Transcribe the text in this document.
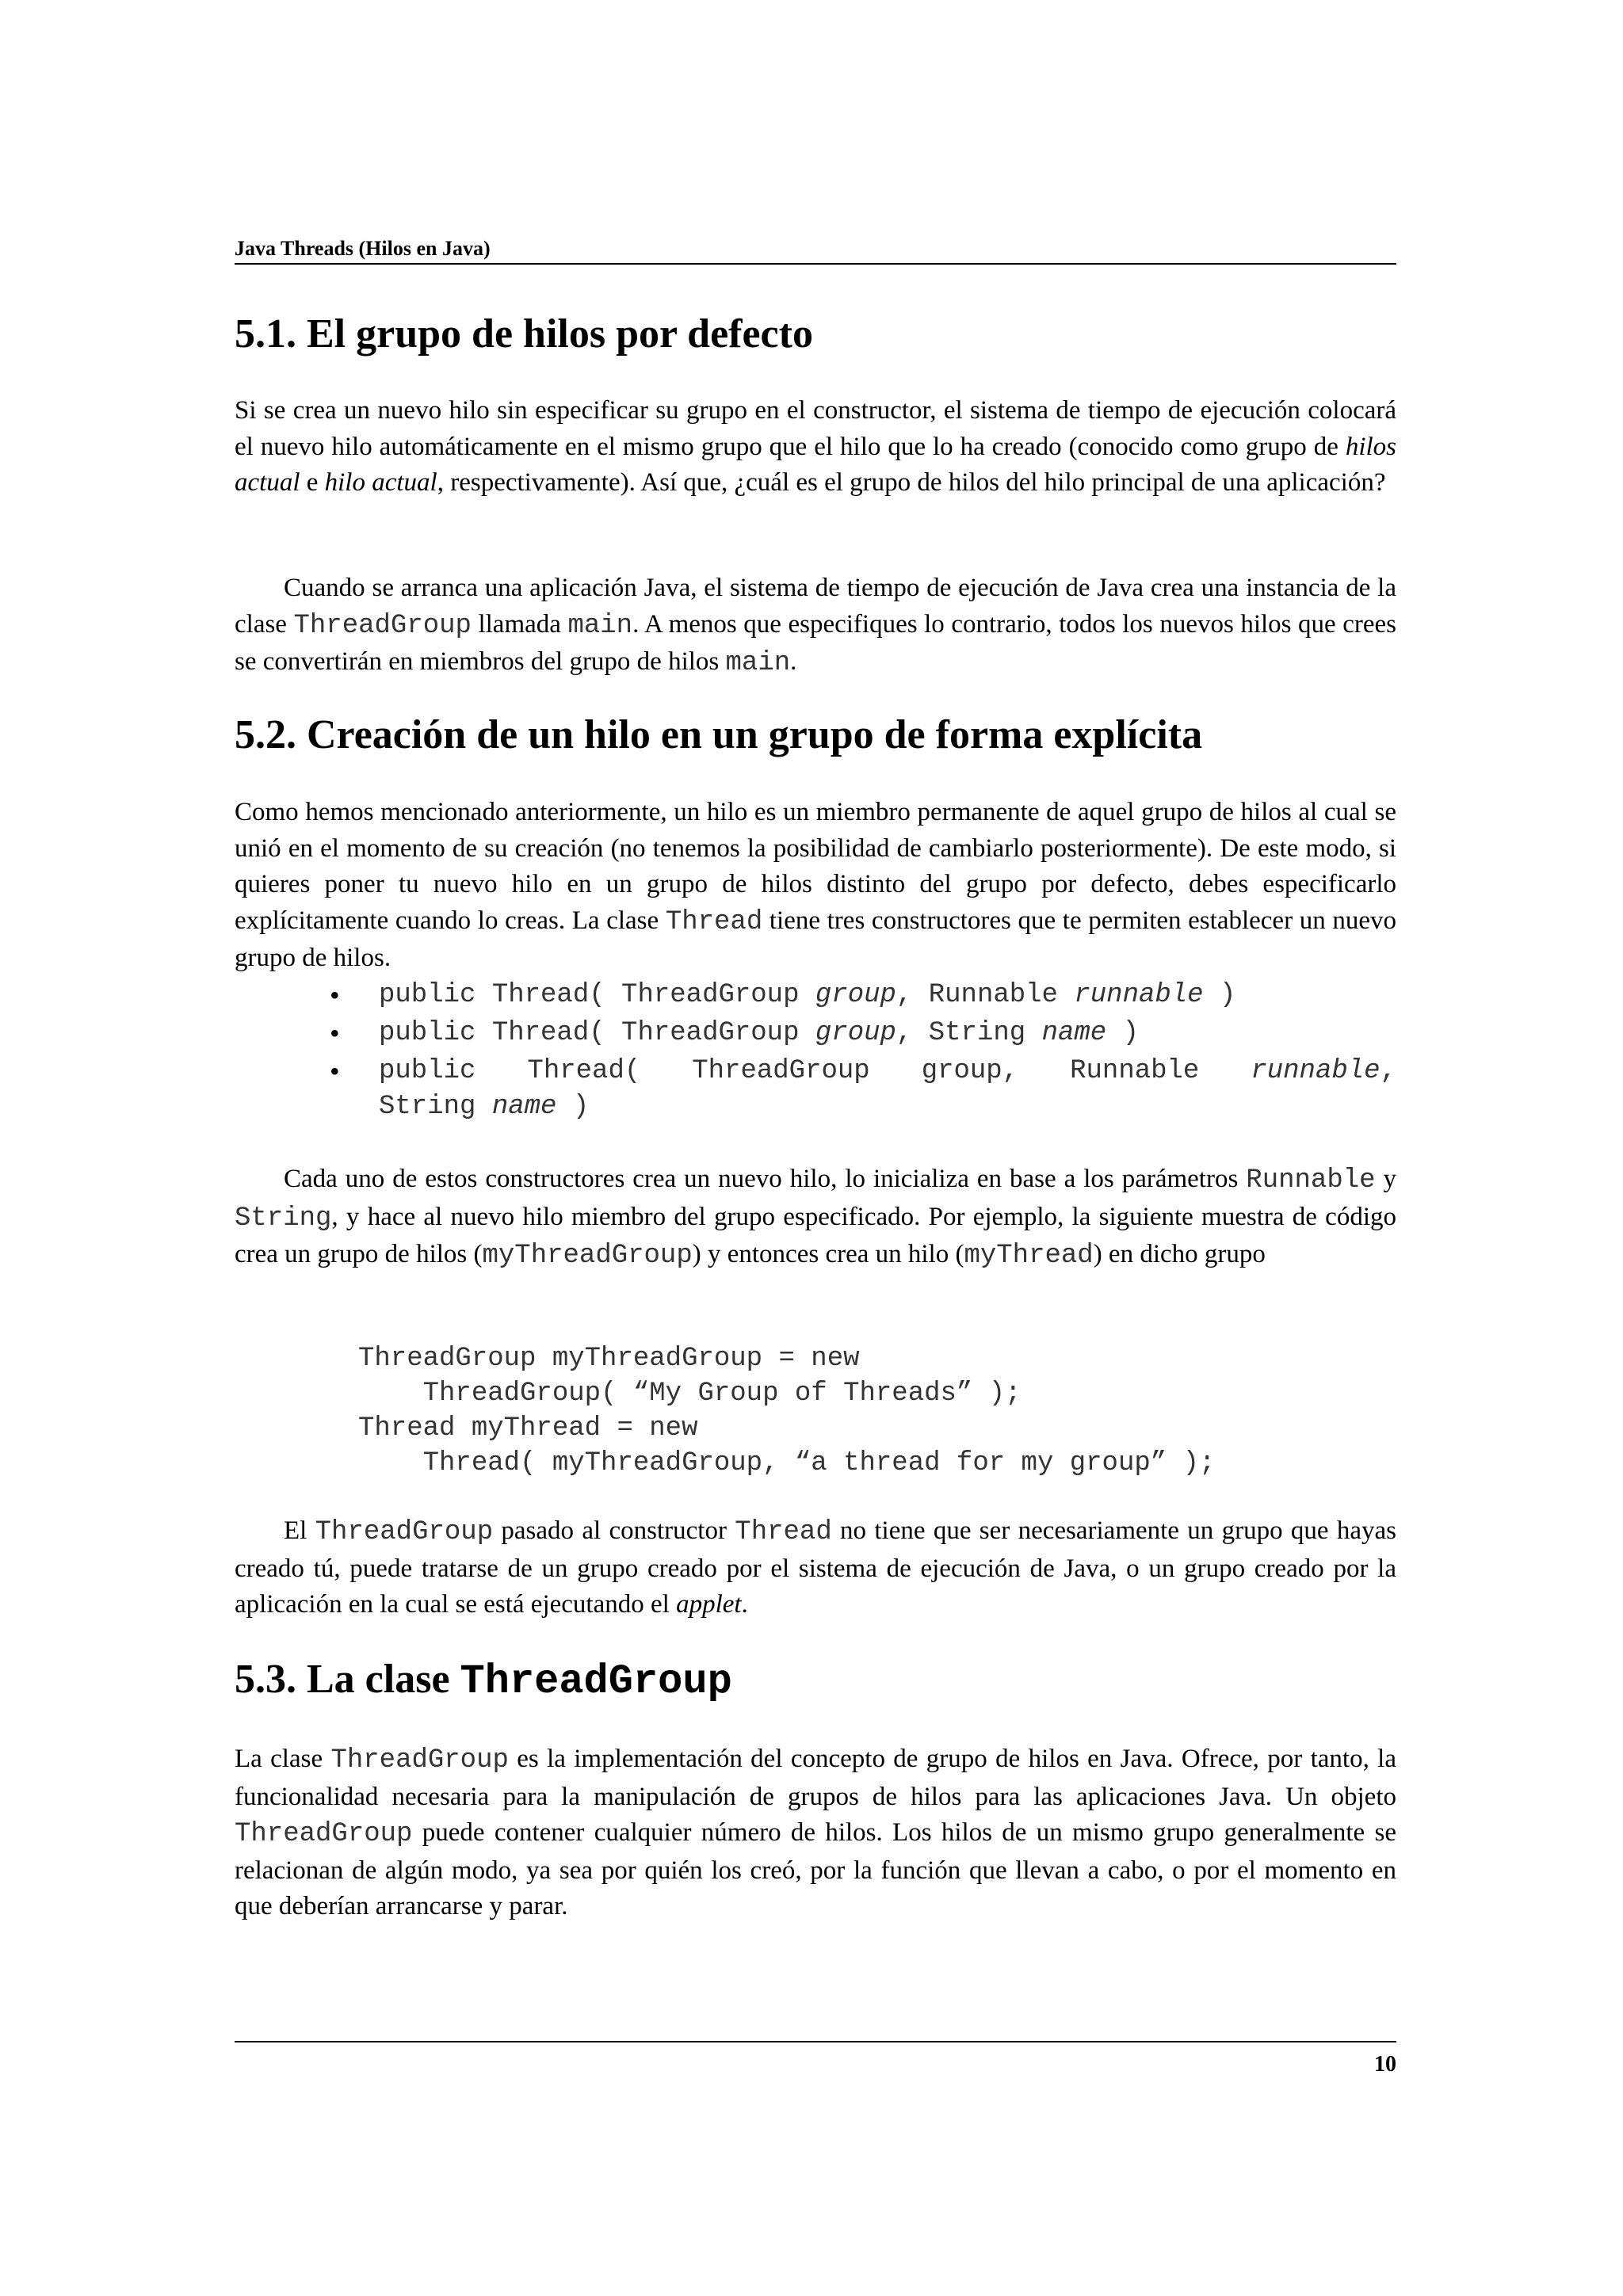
Java Threads (Hilos en Java)
5.1. El grupo de hilos por defecto
Si se crea un nuevo hilo sin especificar su grupo en el constructor, el sistema de tiempo de ejecución colocará el nuevo hilo automáticamente en el mismo grupo que el hilo que lo ha creado (conocido como grupo de hilos actual e hilo actual, respectivamente). Así que, ¿cuál es el grupo de hilos del hilo principal de una aplicación?
Cuando se arranca una aplicación Java, el sistema de tiempo de ejecución de Java crea una instancia de la clase ThreadGroup llamada main. A menos que especifiques lo contrario, todos los nuevos hilos que crees se convertirán en miembros del grupo de hilos main.
5.2. Creación de un hilo en un grupo de forma explícita
Como hemos mencionado anteriormente, un hilo es un miembro permanente de aquel grupo de hilos al cual se unió en el momento de su creación (no tenemos la posibilidad de cambiarlo posteriormente). De este modo, si quieres poner tu nuevo hilo en un grupo de hilos distinto del grupo por defecto, debes especificarlo explícitamente cuando lo creas. La clase Thread tiene tres constructores que te permiten establecer un nuevo grupo de hilos.
• public Thread( ThreadGroup group, Runnable runnable )
• public Thread( ThreadGroup group, String name )
• public Thread( ThreadGroup group, Runnable runnable,
String name )
Cada uno de estos constructores crea un nuevo hilo, lo inicializa en base a los parámetros Runnable y String, y hace al nuevo hilo miembro del grupo especificado. Por ejemplo, la siguiente muestra de código crea un grupo de hilos (myThreadGroup) y entonces crea un hilo (myThread) en dicho grupo
ThreadGroup myThreadGroup = new
ThreadGroup( “My Group of Threads” );
Thread myThread = new
Thread( myThreadGroup, “a thread for my group” );
El ThreadGroup pasado al constructor Thread no tiene que ser necesariamente un grupo que hayas creado tú, puede tratarse de un grupo creado por el sistema de ejecución de Java, o un grupo creado por la aplicación en la cual se está ejecutando el applet.
5.3. La clase ThreadGroup
La clase ThreadGroup es la implementación del concepto de grupo de hilos en Java. Ofrece, por tanto, la funcionalidad necesaria para la manipulación de grupos de hilos para las aplicaciones Java. Un objeto ThreadGroup puede contener cualquier número de hilos. Los hilos de un mismo grupo generalmente se relacionan de algún modo, ya sea por quién los creó, por la función que llevan a cabo, o por el momento en que deberían arrancarse y parar.
10
